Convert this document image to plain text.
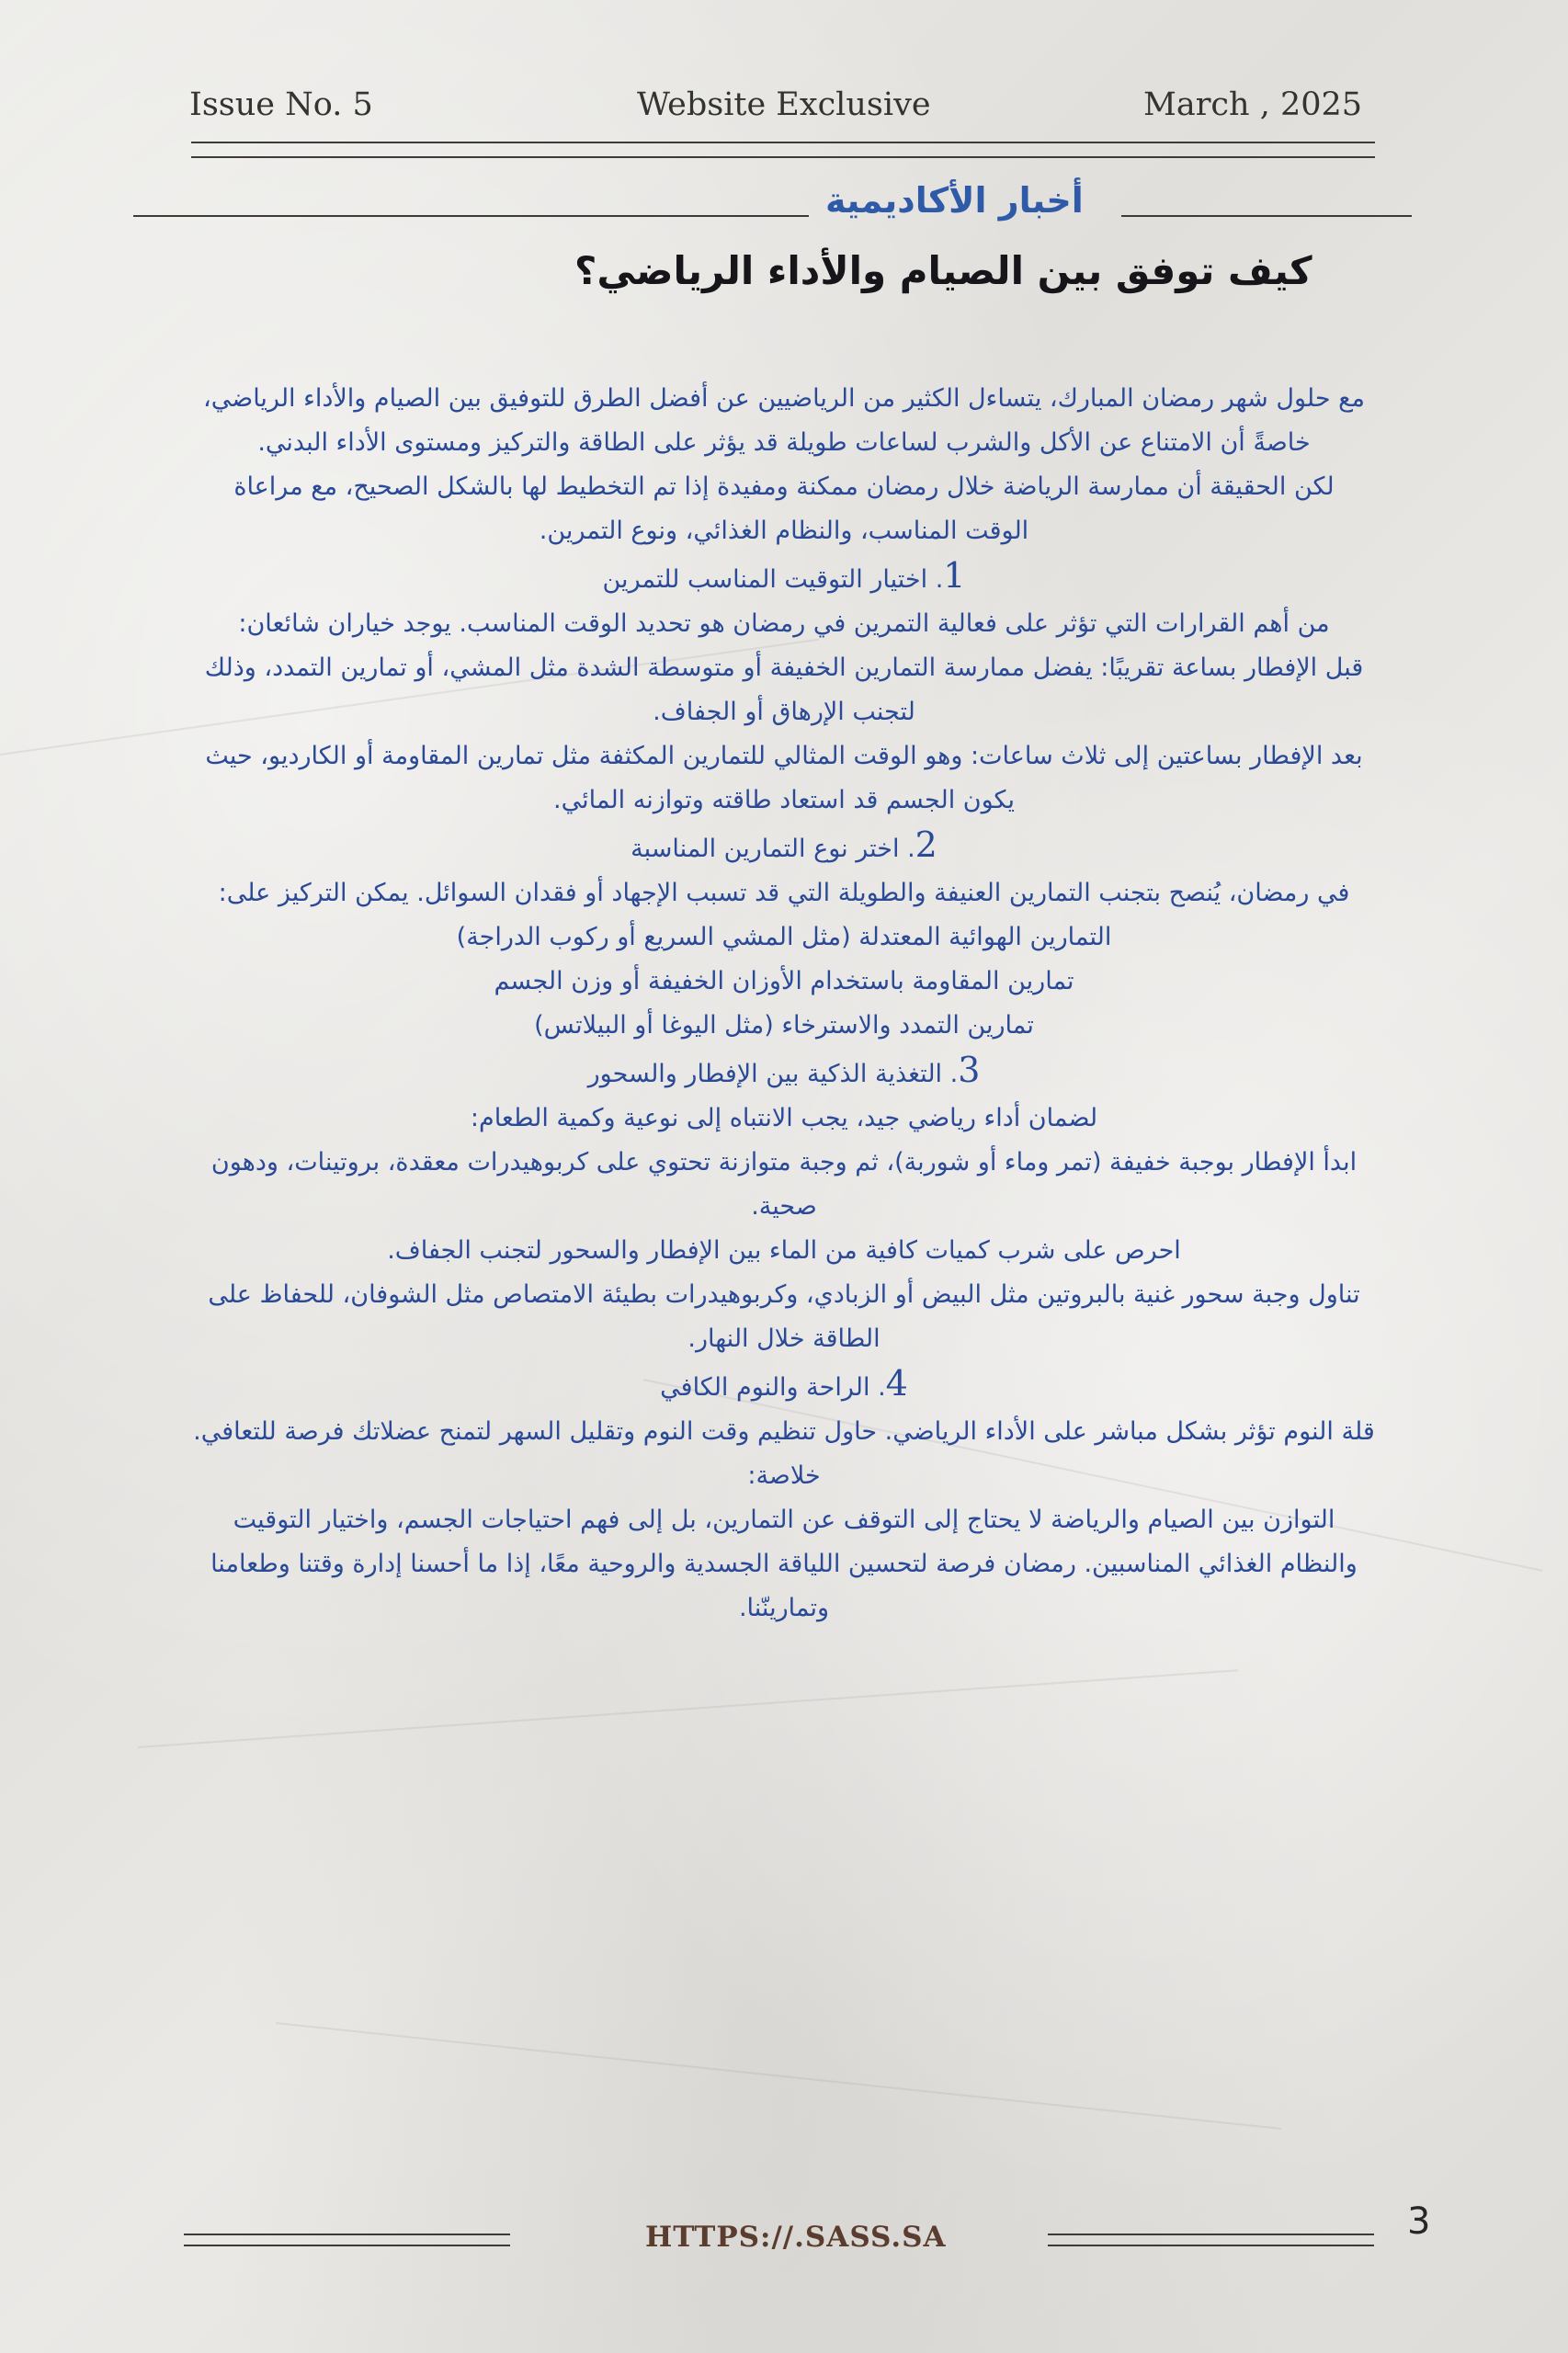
Issue No. 5	Website Exclusive	March , 2025
أخبار الأكاديمية
كيف توفق بين الصيام والأداء الرياضي؟

مع حلول شهر رمضان المبارك، يتساءل الكثير من الرياضيين عن أفضل الطرق للتوفيق بين الصيام والأداء الرياضي،

خاصةً أن الامتناع عن الأكل والشرب لساعات طويلة قد يؤثر على الطاقة والتركيز ومستوى الأداء البدني.

لكن الحقيقة أن ممارسة الرياضة خلال رمضان ممكنة ومفيدة إذا تم التخطيط لها بالشكل الصحيح، مع مراعاة

الوقت المناسب، والنظام الغذائي، ونوع التمرين.

1. اختيار التوقيت المناسب للتمرين

من أهم القرارات التي تؤثر على فعالية التمرين في رمضان هو تحديد الوقت المناسب. يوجد خياران شائعان:

قبل الإفطار بساعة تقريبًا: يفضل ممارسة التمارين الخفيفة أو متوسطة الشدة مثل المشي، أو تمارين التمدد، وذلك

لتجنب الإرهاق أو الجفاف.

بعد الإفطار بساعتين إلى ثلاث ساعات: وهو الوقت المثالي للتمارين المكثفة مثل تمارين المقاومة أو الكارديو، حيث

يكون الجسم قد استعاد طاقته وتوازنه المائي.

2. اختر نوع التمارين المناسبة

في رمضان، يُنصح بتجنب التمارين العنيفة والطويلة التي قد تسبب الإجهاد أو فقدان السوائل. يمكن التركيز على:

التمارين الهوائية المعتدلة (مثل المشي السريع أو ركوب الدراجة)

تمارين المقاومة باستخدام الأوزان الخفيفة أو وزن الجسم

تمارين التمدد والاسترخاء (مثل اليوغا أو البيلاتس)

3. التغذية الذكية بين الإفطار والسحور

لضمان أداء رياضي جيد، يجب الانتباه إلى نوعية وكمية الطعام:

ابدأ الإفطار بوجبة خفيفة (تمر وماء أو شوربة)، ثم وجبة متوازنة تحتوي على كربوهيدرات معقدة، بروتينات، ودهون

صحية.

احرص على شرب كميات كافية من الماء بين الإفطار والسحور لتجنب الجفاف.

تناول وجبة سحور غنية بالبروتين مثل البيض أو الزبادي، وكربوهيدرات بطيئة الامتصاص مثل الشوفان، للحفاظ على

الطاقة خلال النهار.

4. الراحة والنوم الكافي

قلة النوم تؤثر بشكل مباشر على الأداء الرياضي. حاول تنظيم وقت النوم وتقليل السهر لتمنح عضلاتك فرصة للتعافي.

خلاصة:

التوازن بين الصيام والرياضة لا يحتاج إلى التوقف عن التمارين، بل إلى فهم احتياجات الجسم، واختيار التوقيت

والنظام الغذائي المناسبين. رمضان فرصة لتحسين اللياقة الجسدية والروحية معًا، إذا ما أحسنا إدارة وقتنا وطعامنا

وتمارينّنا.

HTTPS://.SASS.SA	3
